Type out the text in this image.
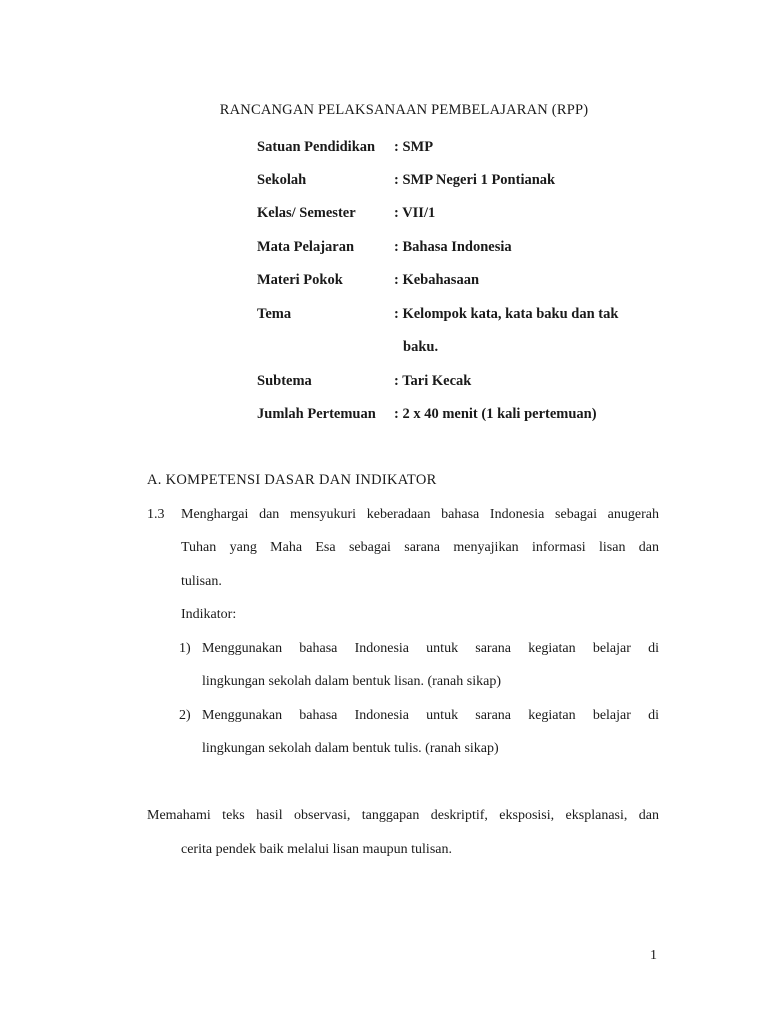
RANCANGAN PELAKSANAAN PEMBELAJARAN (RPP)
Satuan Pendidikan : SMP
Sekolah	: SMP Negeri 1 Pontianak
Kelas/ Semester	: VII/1
Mata Pelajaran	: Bahasa Indonesia
Materi Pokok	: Kebahasaan
Tema	: Kelompok kata, kata baku dan tak
baku.
Subtema	: Tari Kecak
Jumlah Pertemuan : 2 x 40 menit (1 kali pertemuan)
A. KOMPETENSI DASAR DAN INDIKATOR
1.3 Menghargai dan mensyukuri keberadaan bahasa Indonesia sebagai anugerah
Tuhan yang Maha Esa sebagai sarana menyajikan informasi lisan dan
tulisan.
Indikator:
1) Menggunakan bahasa Indonesia untuk sarana kegiatan belajar di
lingkungan sekolah dalam bentuk lisan. (ranah sikap)
2) Menggunakan bahasa Indonesia untuk sarana kegiatan belajar di
lingkungan sekolah dalam bentuk tulis. (ranah sikap)
Memahami teks hasil observasi, tanggapan deskriptif, eksposisi, eksplanasi, dan
cerita pendek baik melalui lisan maupun tulisan.
1
